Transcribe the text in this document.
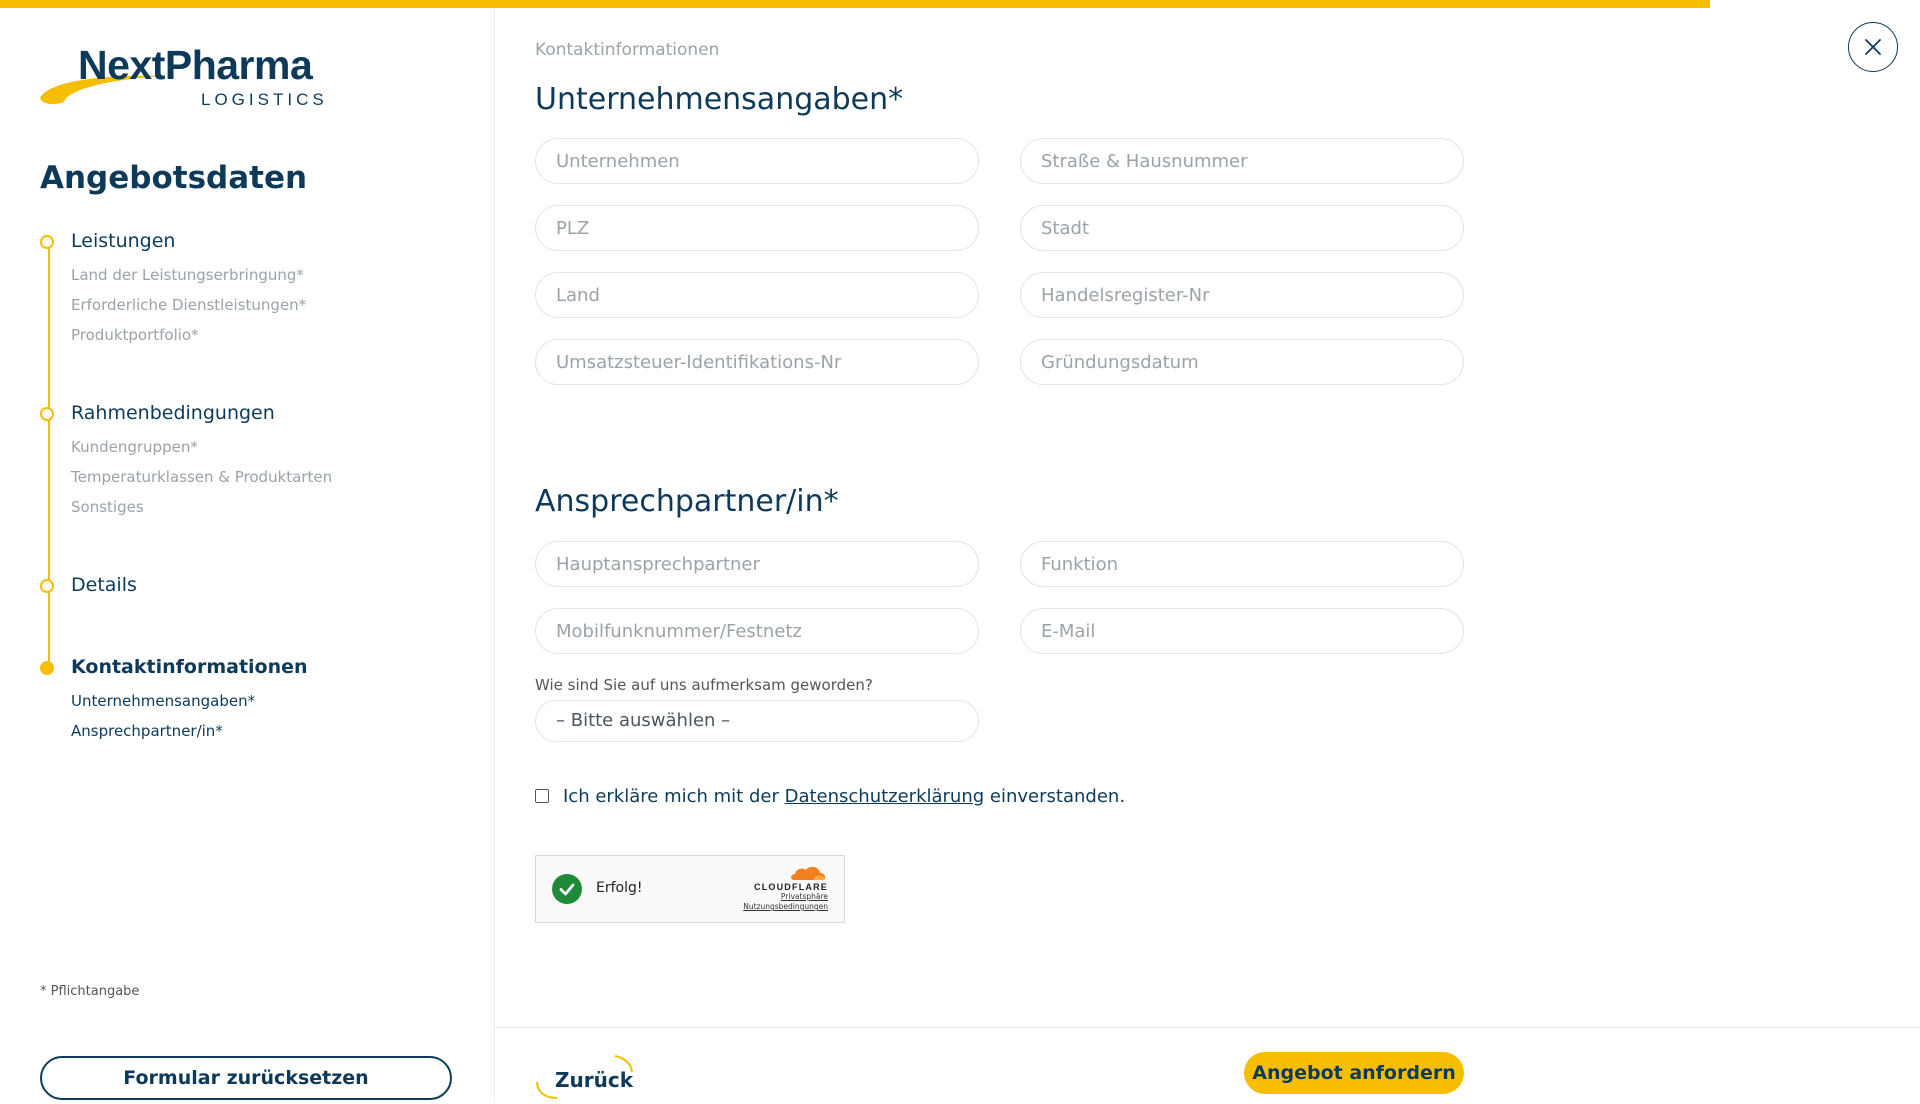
NextPharma
LOGISTICS
Angebotsdaten
Leistungen
Land der Leistungserbringung*
Erforderliche Dienstleistungen*
Produktportfolio*
Rahmenbedingungen
Kundengruppen*
Temperaturklassen & Produktarten
Sonstiges
Details
Kontaktinformationen
Unternehmensangaben*
Ansprechpartner/in*
* Pflichtangabe
Formular zurücksetzen
Kontaktinformationen
Unternehmensangaben*
Unternehmen
Straße & Hausnummer
PLZ
Stadt
Land
Handelsregister-Nr
Umsatzsteuer-Identifikations-Nr
Gründungsdatum
Ansprechpartner/in*
Hauptansprechpartner
Funktion
Mobilfunknummer/Festnetz
E-Mail
Wie sind Sie auf uns aufmerksam geworden?
– Bitte auswählen –
Ich erkläre mich mit der Datenschutzerklärung einverstanden.
Erfolg!	CLOUDFLARE
Privatsphäre
Nutzungsbedingungen
Zurück	Angebot anfordern
